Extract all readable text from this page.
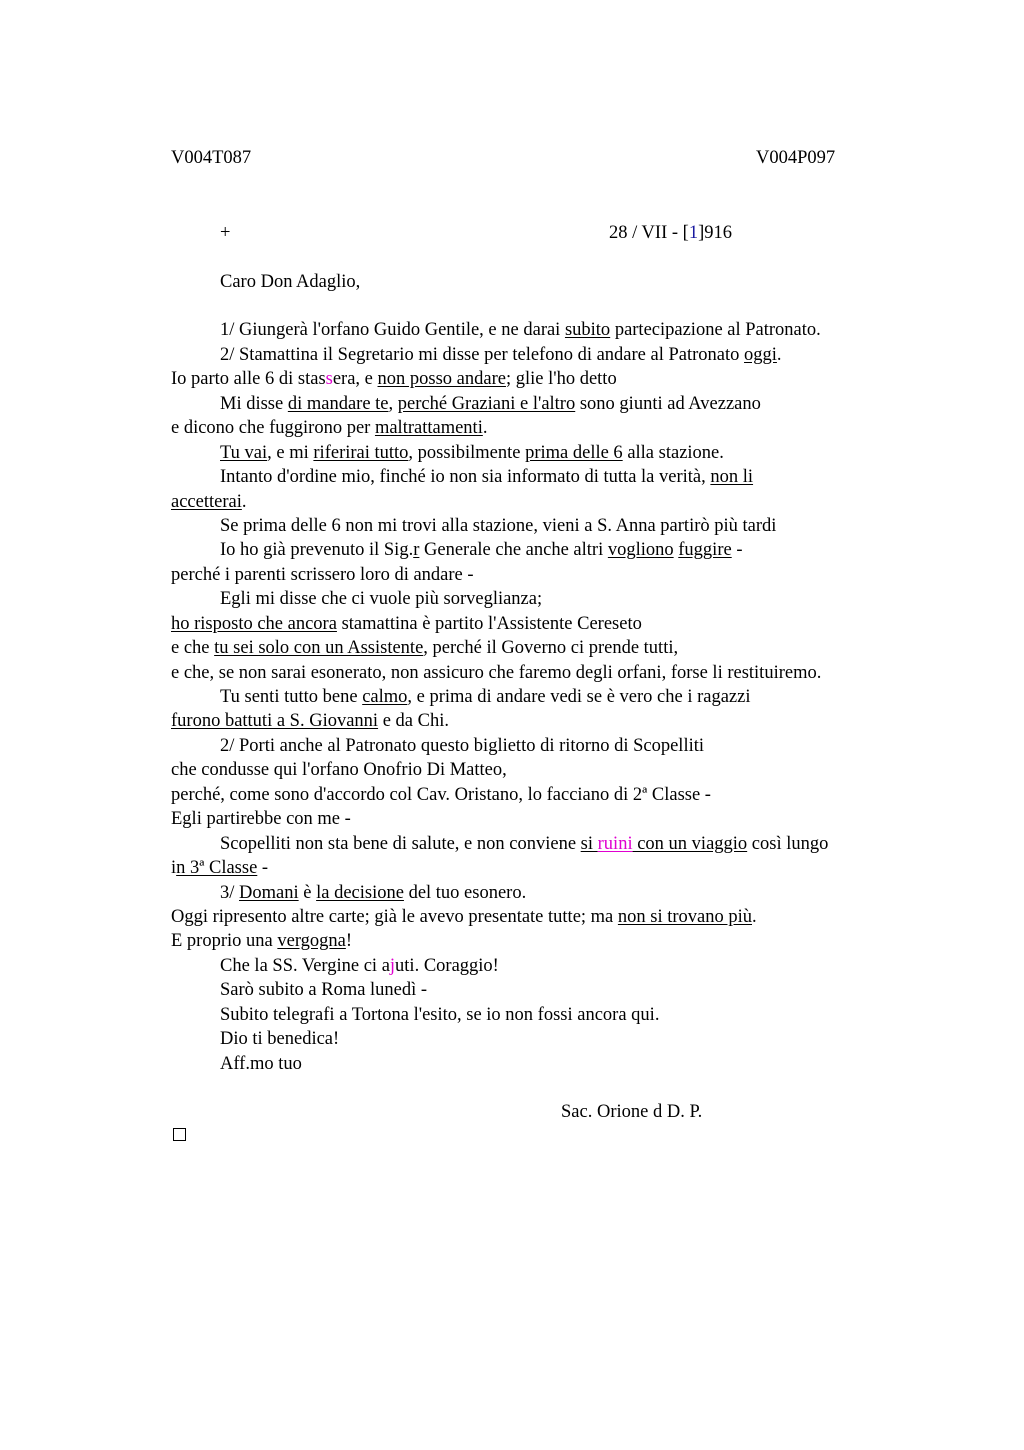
V004T087	V004P097
+	28 / VII - [1]916
Caro Don Adaglio,
1/ Giungerà l'orfano Guido Gentile, e ne darai subito partecipazione al Patronato.
2/ Stamattina il Segretario mi disse per telefono di andare al Patronato oggi.
Io parto alle 6 di stassera, e non posso andare; glie l'ho detto
Mi disse di mandare te, perché Graziani e l'altro sono giunti ad Avezzano
e dicono che fuggirono per maltrattamenti.
Tu vai, e mi riferirai tutto, possibilmente prima delle 6 alla stazione.
Intanto d'ordine mio, finché io non sia informato di tutta la verità, non li
accetterai.
Se prima delle 6 non mi trovi alla stazione, vieni a S. Anna partirò più tardi
Io ho già prevenuto il Sig.r Generale che anche altri vogliono fuggire -
perché i parenti scrissero loro di andare -
Egli mi disse che ci vuole più sorveglianza;
ho risposto che ancora stamattina è partito l'Assistente Cereseto
e che tu sei solo con un Assistente, perché il Governo ci prende tutti,
e che, se non sarai esonerato, non assicuro che faremo degli orfani, forse li restituiremo.
Tu senti tutto bene calmo, e prima di andare vedi se è vero che i ragazzi
furono battuti a S. Giovanni e da Chi.
2/ Porti anche al Patronato questo biglietto di ritorno di Scopelliti
che condusse qui l'orfano Onofrio Di Matteo,
perché, come sono d'accordo col Cav. Oristano, lo facciano di 2ª Classe -
Egli partirebbe con me -
Scopelliti non sta bene di salute, e non conviene si ruini con un viaggio così lungo
in 3ª Classe -
3/ Domani è la decisione del tuo esonero.
Oggi ripresento altre carte; già le avevo presentate tutte; ma non si trovano più.
E proprio una vergogna!
Che la SS. Vergine ci ajuti. Coraggio!
Sarò subito a Roma lunedì -
Subito telegrafi a Tortona l'esito, se io non fossi ancora qui.
Dio ti benedica!
Aff.mo tuo
Sac. Orione d D. P.
